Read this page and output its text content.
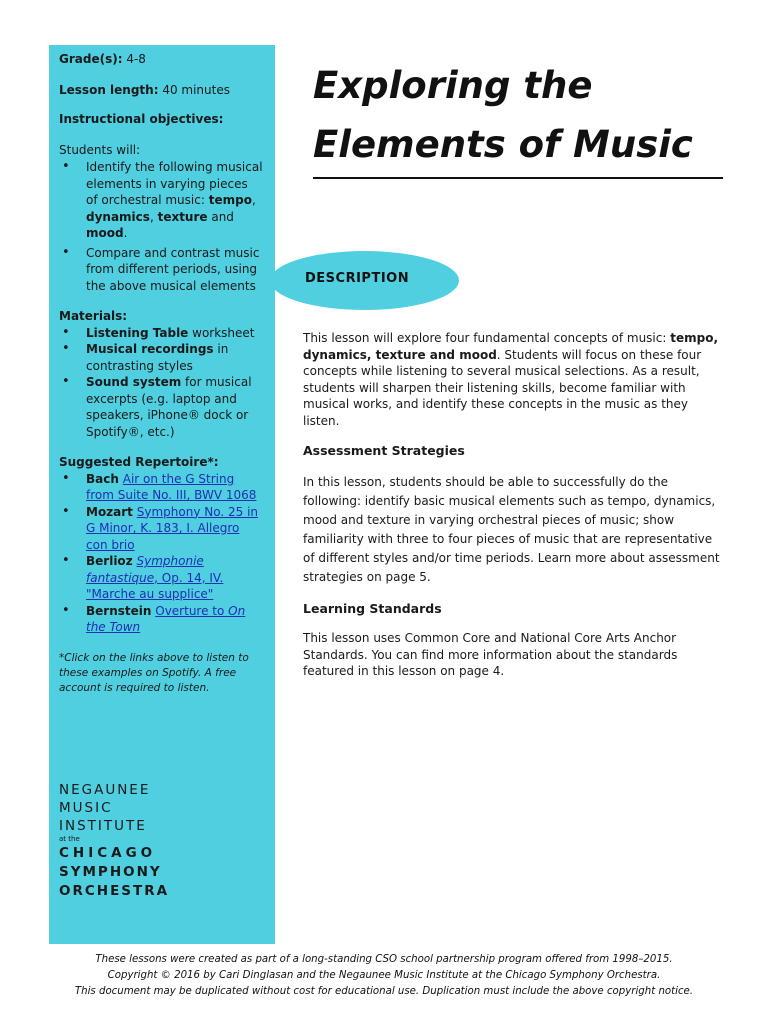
Grade(s): 4-8
Lesson length: 40 minutes
Instructional objectives:
Students will:
• Identify the following musical elements in varying pieces of orchestral music: tempo, dynamics, texture and mood.
• Compare and contrast music from different periods, using the above musical elements
Materials:
• Listening Table worksheet
• Musical recordings in contrasting styles
• Sound system for musical excerpts (e.g. laptop and speakers, iPhone® dock or Spotify®, etc.)
Suggested Repertoire*:
• Bach Air on the G String from Suite No. III, BWV 1068
• Mozart Symphony No. 25 in G Minor, K. 183, I. Allegro con brio
• Berlioz Symphonie fantastique, Op. 14, IV. "Marche au supplice"
• Bernstein Overture to On the Town
*Click on the links above to listen to these examples on Spotify. A free account is required to listen.
NEGAUNEE
MUSIC
INSTITUTE
at the
CHICAGO
SYMPHONY
ORCHESTRA
Exploring the
Elements of Music
DESCRIPTION

This lesson will explore four fundamental concepts of music: tempo, dynamics, texture and mood. Students will focus on these four concepts while listening to several musical selections. As a result, students will sharpen their listening skills, become familiar with musical works, and identify these concepts in the music as they listen.

Assessment Strategies

In this lesson, students should be able to successfully do the following: identify basic musical elements such as tempo, dynamics, mood and texture in varying orchestral pieces of music; show familiarity with three to four pieces of music that are representative of different styles and/or time periods. Learn more about assessment strategies on page 5.

Learning Standards

This lesson uses Common Core and National Core Arts Anchor Standards. You can find more information about the standards featured in this lesson on page 4.

These lessons were created as part of a long-standing CSO school partnership program offered from 1998–2015.
Copyright © 2016 by Cari Dinglasan and the Negaunee Music Institute at the Chicago Symphony Orchestra.
This document may be duplicated without cost for educational use. Duplication must include the above copyright notice.
